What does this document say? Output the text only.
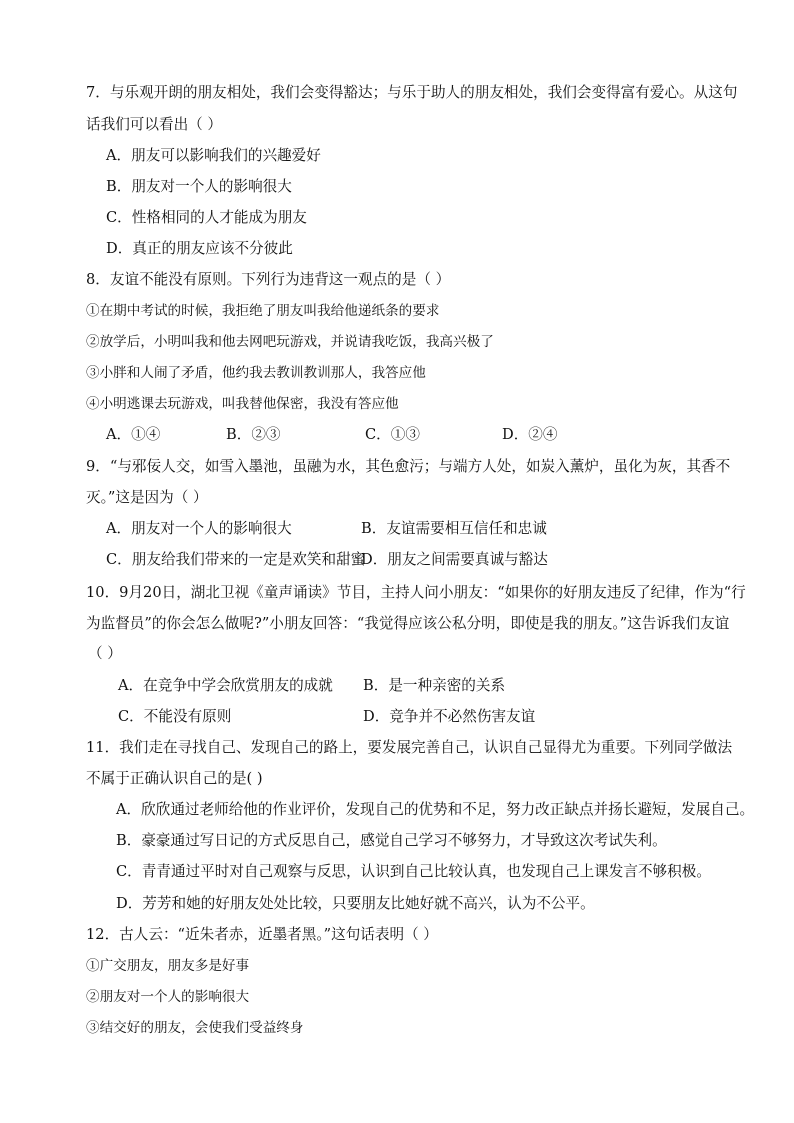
7．与乐观开朗的朋友相处，我们会变得豁达；与乐于助人的朋友相处，我们会变得富有爱心。从这句
话我们可以看出（ ）
A．朋友可以影响我们的兴趣爱好
B．朋友对一个人的影响很大
C．性格相同的人才能成为朋友
D．真正的朋友应该不分彼此
8．友谊不能没有原则。下列行为违背这一观点的是（ ）
①在期中考试的时候，我拒绝了朋友叫我给他递纸条的要求
②放学后，小明叫我和他去网吧玩游戏，并说请我吃饭，我高兴极了
③小胖和人闹了矛盾，他约我去教训教训那人，我答应他
④小明逃课去玩游戏，叫我替他保密，我没有答应他
A．①④	B．②③	C．①③	D．②④
9．“与邪佞人交，如雪入墨池，虽融为水，其色愈污；与端方人处，如炭入薰炉，虽化为灰，其香不
灭。”这是因为（ ）
A．朋友对一个人的影响很大	B．友谊需要相互信任和忠诚
C．朋友给我们带来的一定是欢笑和甜蜜
D．朋友之间需要真诚与豁达
10．9月20日，湖北卫视《童声诵读》节目，主持人问小朋友：“如果你的好朋友违反了纪律，作为“行
为监督员”的你会怎么做呢?”小朋友回答：“我觉得应该公私分明，即使是我的朋友。”这告诉我们友谊
（ ）
A．在竞争中学会欣赏朋友的成就 B．是一种亲密的关系
C．不能没有原则	D．竞争并不必然伤害友谊
11．我们走在寻找自己、发现自己的路上，要发展完善自己，认识自己显得尤为重要。下列同学做法
不属于正确认识自己的是( )
A．欣欣通过老师给他的作业评价，发现自己的优势和不足，努力改正缺点并扬长避短，发展自己。
B．豪豪通过写日记的方式反思自己，感觉自己学习不够努力，才导致这次考试失利。
C．青青通过平时对自己观察与反思，认识到自己比较认真，也发现自己上课发言不够积极。
D．芳芳和她的好朋友处处比较，只要朋友比她好就不高兴，认为不公平。
12．古人云：“近朱者赤，近墨者黑。”这句话表明（ ）
①广交朋友，朋友多是好事
②朋友对一个人的影响很大
③结交好的朋友，会使我们受益终身
